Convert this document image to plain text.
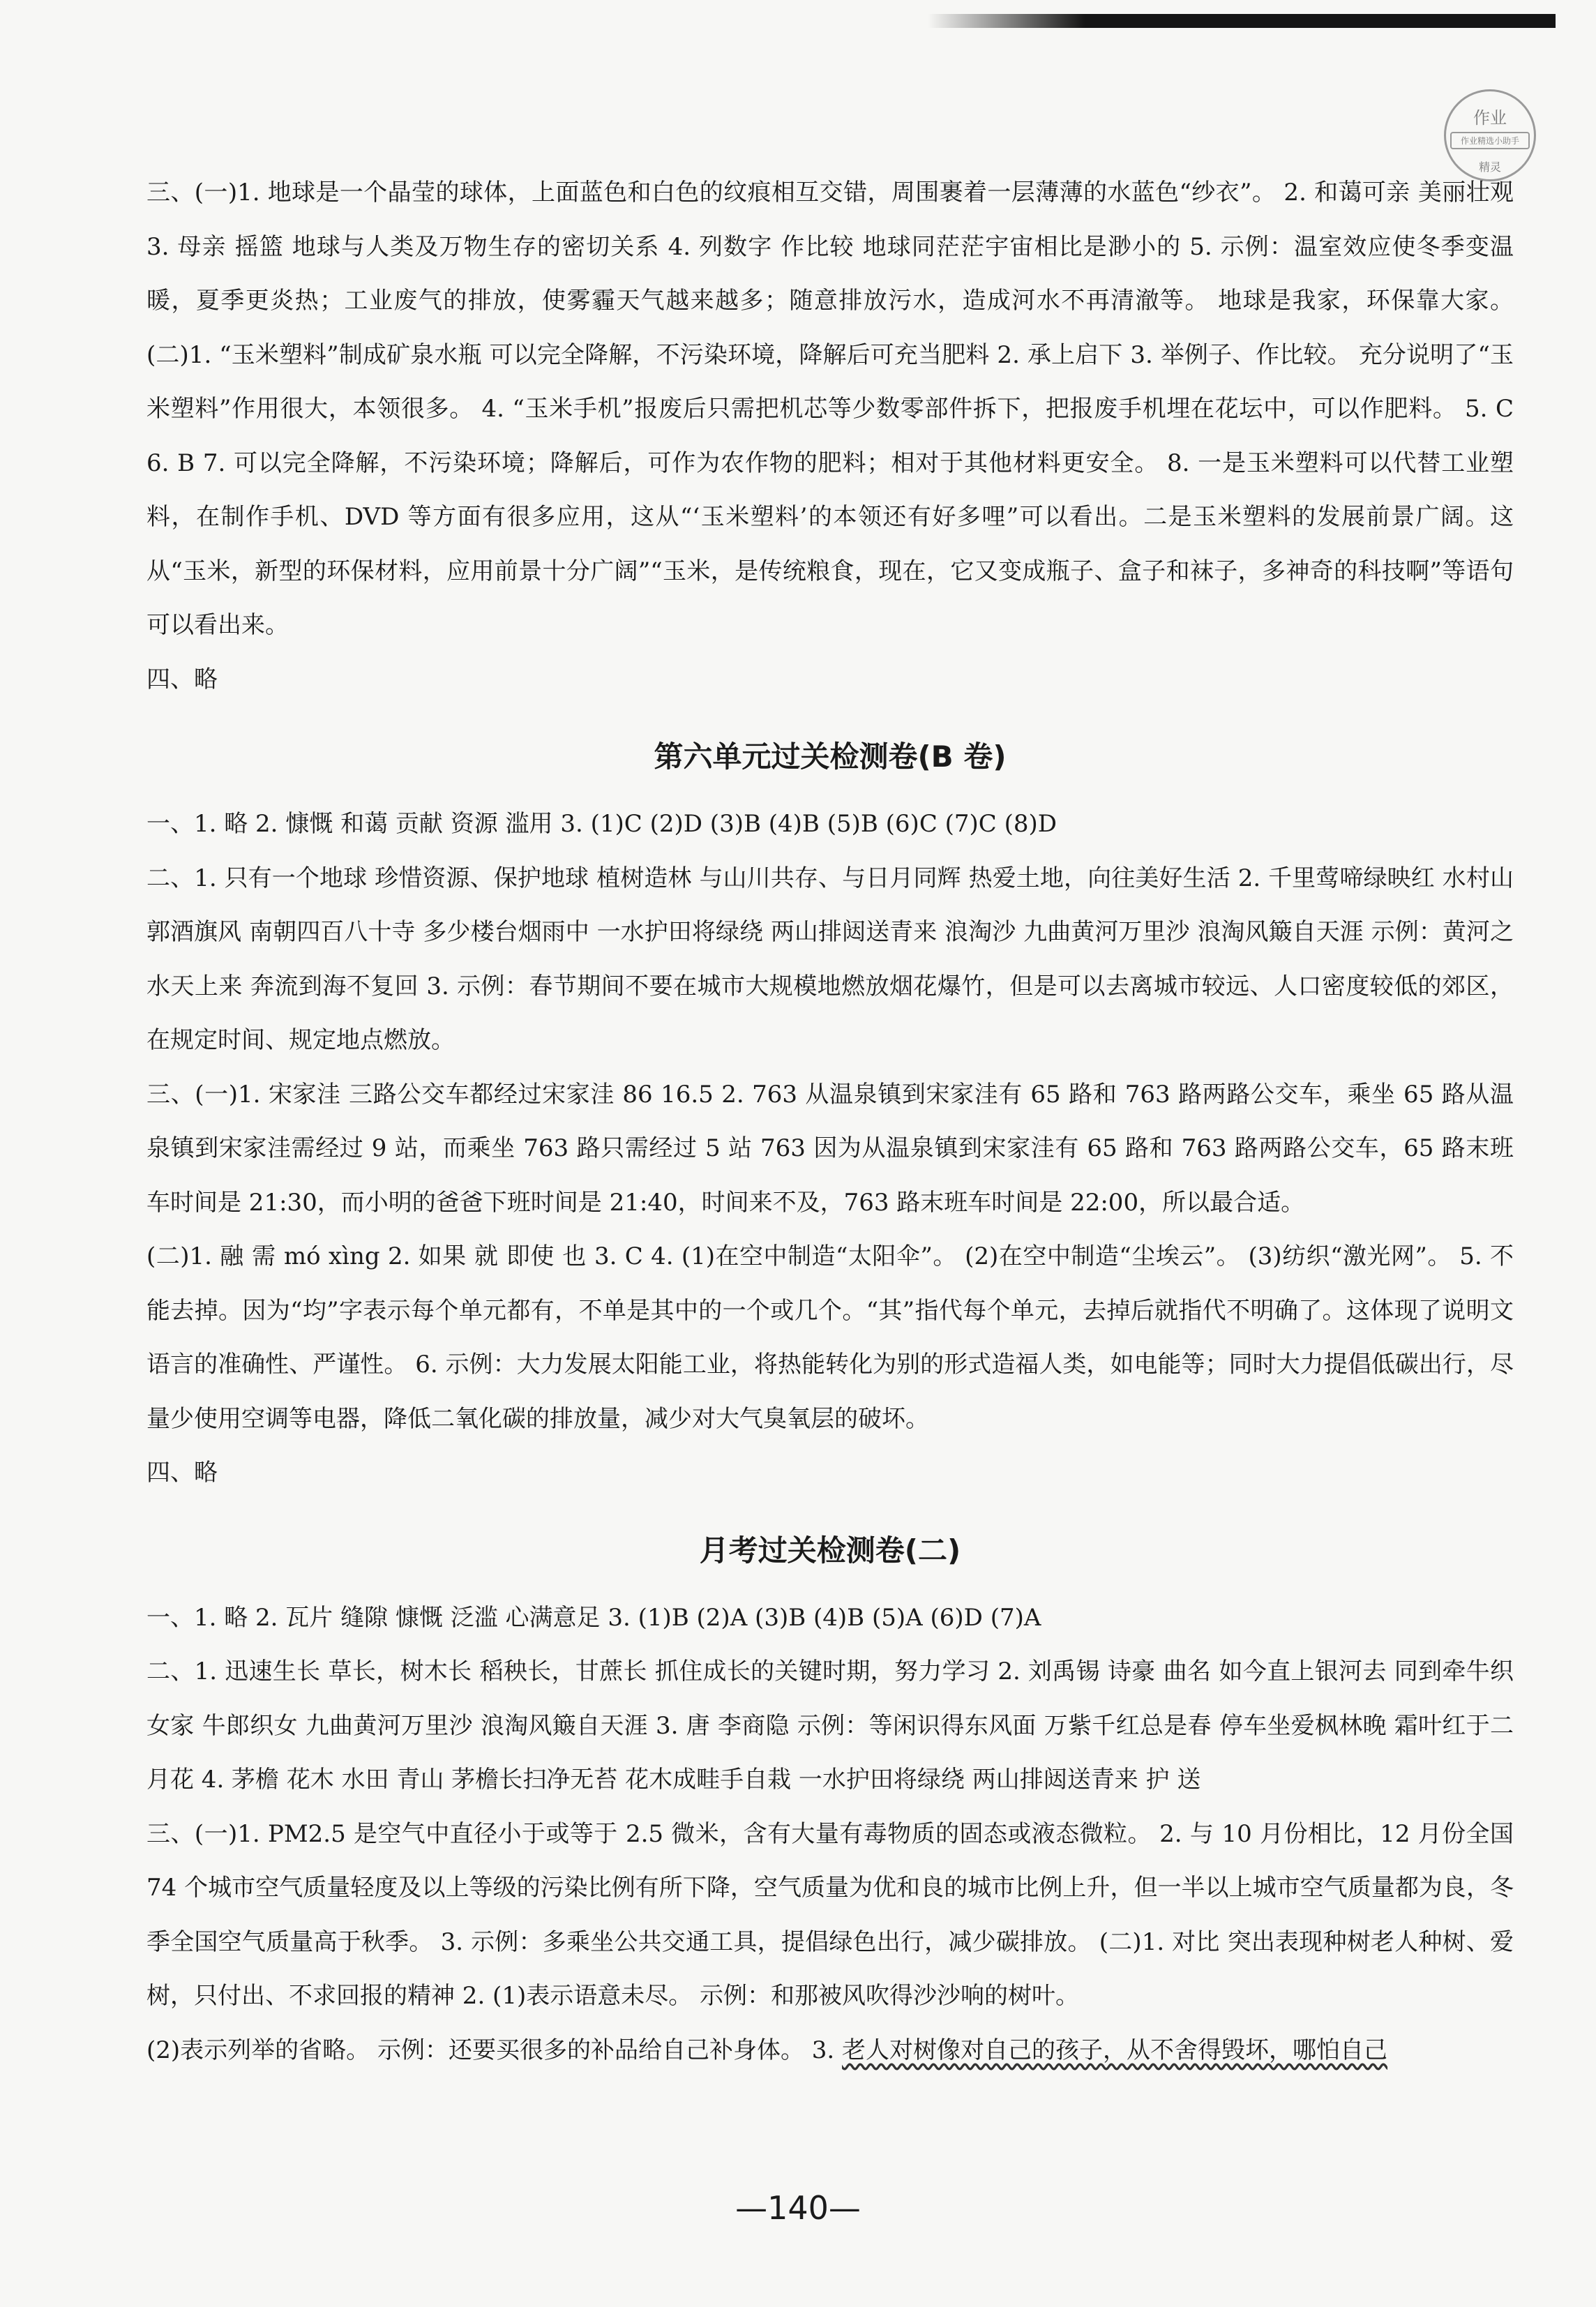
作业
作业精选小助手
精灵
三、(一)1. 地球是一个晶莹的球体，上面蓝色和白色的纹痕相互交错，周围裹着一层薄薄的水蓝色“纱衣”。 2. 和蔼可亲 美丽壮观 3. 母亲 摇篮 地球与人类及万物生存的密切关系 4. 列数字 作比较 地球同茫茫宇宙相比是渺小的 5. 示例：温室效应使冬季变温暖，夏季更炎热；工业废气的排放，使雾霾天气越来越多；随意排放污水，造成河水不再清澈等。 地球是我家，环保靠大家。 (二)1. “玉米塑料”制成矿泉水瓶 可以完全降解，不污染环境，降解后可充当肥料 2. 承上启下 3. 举例子、作比较。 充分说明了“玉米塑料”作用很大，本领很多。 4. “玉米手机”报废后只需把机芯等少数零部件拆下，把报废手机埋在花坛中，可以作肥料。 5. C 6. B 7. 可以完全降解，不污染环境；降解后，可作为农作物的肥料；相对于其他材料更安全。 8. 一是玉米塑料可以代替工业塑料，在制作手机、DVD 等方面有很多应用，这从“‘玉米塑料’的本领还有好多哩”可以看出。二是玉米塑料的发展前景广阔。这从“玉米，新型的环保材料，应用前景十分广阔”“玉米，是传统粮食，现在，它又变成瓶子、盒子和袜子，多神奇的科技啊”等语句可以看出来。
四、略
第六单元过关检测卷(B 卷)
一、1. 略 2. 慷慨 和蔼 贡献 资源 滥用 3. (1)C (2)D (3)B (4)B (5)B (6)C (7)C (8)D
二、1. 只有一个地球 珍惜资源、保护地球 植树造林 与山川共存、与日月同辉 热爱土地，向往美好生活 2. 千里莺啼绿映红 水村山郭酒旗风 南朝四百八十寺 多少楼台烟雨中 一水护田将绿绕 两山排闼送青来 浪淘沙 九曲黄河万里沙 浪淘风簸自天涯 示例：黄河之水天上来 奔流到海不复回 3. 示例：春节期间不要在城市大规模地燃放烟花爆竹，但是可以去离城市较远、人口密度较低的郊区，在规定时间、规定地点燃放。
三、(一)1. 宋家洼 三路公交车都经过宋家洼 86 16.5 2. 763 从温泉镇到宋家洼有 65 路和 763 路两路公交车，乘坐 65 路从温泉镇到宋家洼需经过 9 站，而乘坐 763 路只需经过 5 站 763 因为从温泉镇到宋家洼有 65 路和 763 路两路公交车，65 路末班车时间是 21:30，而小明的爸爸下班时间是 21:40，时间来不及，763 路末班车时间是 22:00，所以最合适。
(二)1. 融 需 mó xìng 2. 如果 就 即使 也 3. C 4. (1)在空中制造“太阳伞”。 (2)在空中制造“尘埃云”。 (3)纺织“激光网”。 5. 不能去掉。因为“均”字表示每个单元都有，不单是其中的一个或几个。“其”指代每个单元，去掉后就指代不明确了。这体现了说明文语言的准确性、严谨性。 6. 示例：大力发展太阳能工业，将热能转化为别的形式造福人类，如电能等；同时大力提倡低碳出行，尽量少使用空调等电器，降低二氧化碳的排放量，减少对大气臭氧层的破坏。
四、略
月考过关检测卷(二)
一、1. 略 2. 瓦片 缝隙 慷慨 泛滥 心满意足 3. (1)B (2)A (3)B (4)B (5)A (6)D (7)A
二、1. 迅速生长 草长，树木长 稻秧长，甘蔗长 抓住成长的关键时期，努力学习 2. 刘禹锡 诗豪 曲名 如今直上银河去 同到牵牛织女家 牛郎织女 九曲黄河万里沙 浪淘风簸自天涯 3. 唐 李商隐 示例：等闲识得东风面 万紫千红总是春 停车坐爱枫林晚 霜叶红于二月花 4. 茅檐 花木 水田 青山 茅檐长扫净无苔 花木成畦手自栽 一水护田将绿绕 两山排闼送青来 护 送
三、(一)1. PM2.5 是空气中直径小于或等于 2.5 微米，含有大量有毒物质的固态或液态微粒。 2. 与 10 月份相比，12 月份全国 74 个城市空气质量轻度及以上等级的污染比例有所下降，空气质量为优和良的城市比例上升，但一半以上城市空气质量都为良，冬季全国空气质量高于秋季。 3. 示例：多乘坐公共交通工具，提倡绿色出行，减少碳排放。 (二)1. 对比 突出表现种树老人种树、爱树，只付出、不求回报的精神 2. (1)表示语意未尽。 示例：和那被风吹得沙沙响的树叶。
(2)表示列举的省略。 示例：还要买很多的补品给自己补身体。 3. 老人对树像对自己的孩子，从不舍得毁坏，哪怕自己
—140—
